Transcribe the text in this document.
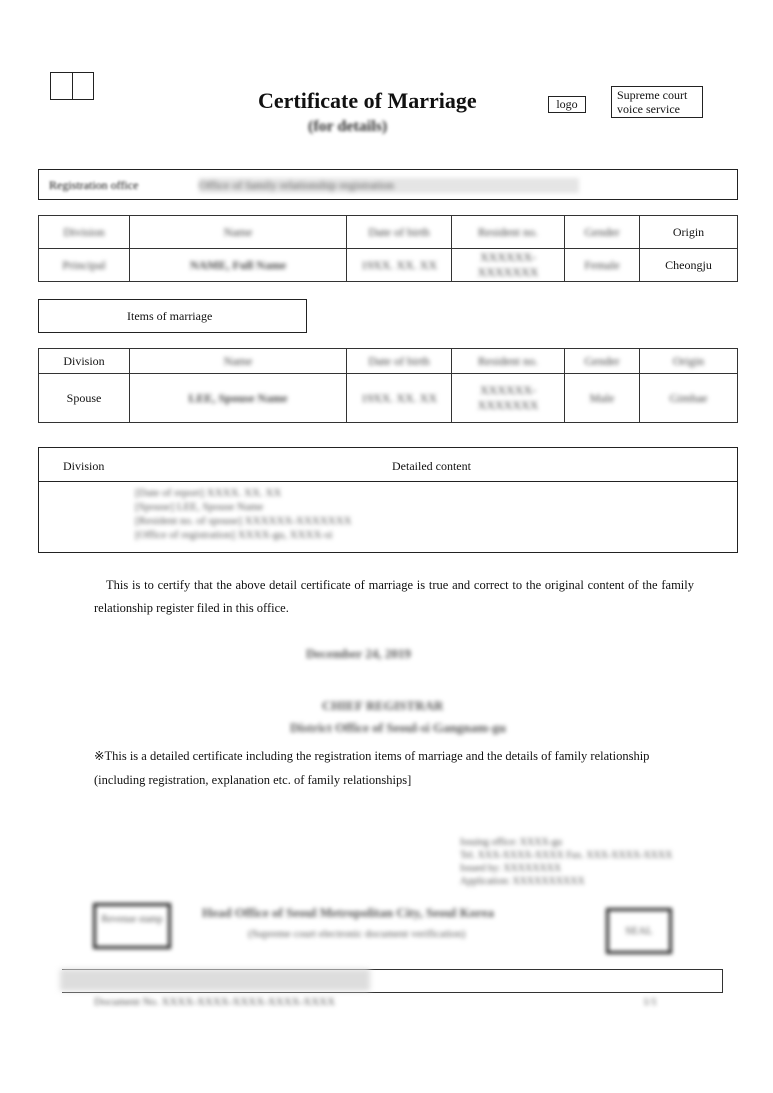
Certificate of Marriage
(for details)
logo
Supreme court voice service
Registration office	Office of family relationship registration
Division	Name	Date of birth	Resident no.	Gender	Origin
Principal	NAME, Full Name	19XX. XX. XX	XXXXXX-XXXXXXX	Female	Cheongju
Items of marriage
Division	Name	Date of birth	Resident no.	Gender	Origin
Spouse	LEE, Spouse Name	19XX. XX. XX	XXXXXX-XXXXXXX	Male	Gimhae
Division	Detailed content
[Date of report] XXXX. XX. XX
[Spouse] LEE, Spouse Name
[Resident no. of spouse] XXXXXX-XXXXXXX
[Office of registration] XXXX-gu, XXXX-si
This is to certify that the above detail certificate of marriage is true and correct to the original content of the family relationship register filed in this office.
December 24, 2019
CHIEF REGISTRAR
District Office of Seoul-si Gangnam-gu
※This is a detailed certificate including the registration items of marriage and the details of family relationship (including registration, explanation etc. of family relationships]
Issuing office: XXXX-gu
Tel. XXX-XXXX-XXXX Fax. XXX-XXXX-XXXX
Issued by: XXXXXXXX
Application: XXXXXXXXXX
Revenue stamp	Head Office of Seoul Metropolitan City, Seoul Korea
(Supreme court electronic document verification)	SEAL
Document No. XXXX-XXXX-XXXX-XXXX-XXXX	1/1
